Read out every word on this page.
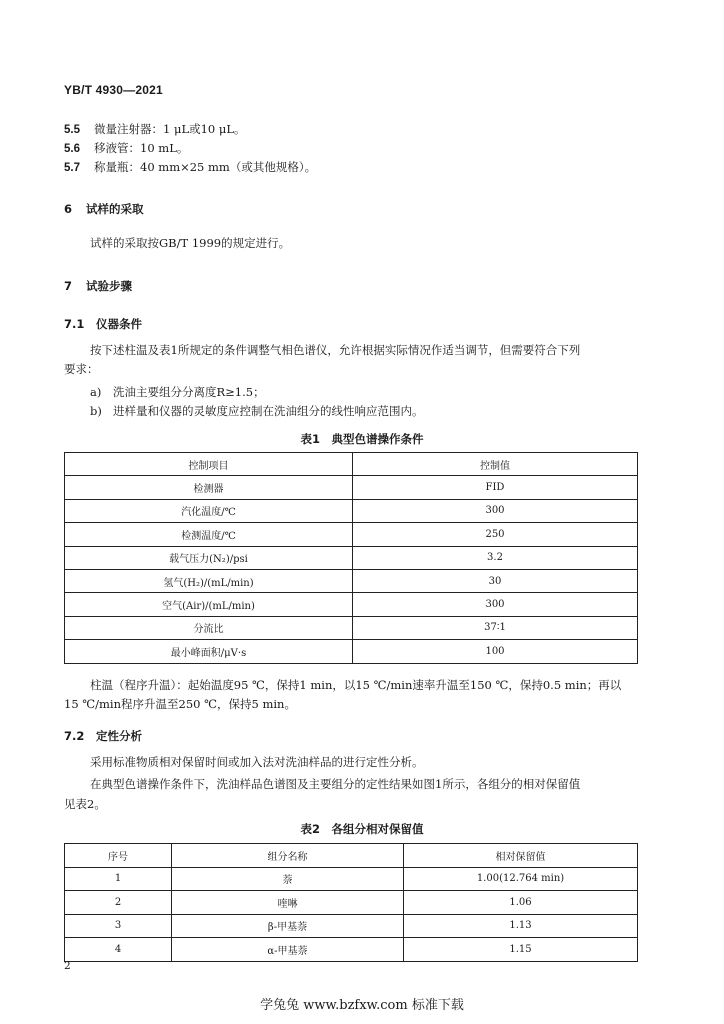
YB/T 4930—2021
5.5 微量注射器：1 μL或10 μL。
5.6 移液管：10 mL。
5.7 称量瓶：40 mm×25 mm（或其他规格）。
6 试样的采取
试样的采取按GB/T 1999的规定进行。
7 试验步骤
7.1 仪器条件
按下述柱温及表1所规定的条件调整气相色谱仪，允许根据实际情况作适当调节，但需要符合下列
要求：
a) 洗油主要组分分离度R≥1.5；
b) 进样量和仪器的灵敏度应控制在洗油组分的线性响应范围内。
表1　典型色谱操作条件
控制项目	控制值
检测器	FID
汽化温度/℃	300
检测温度/℃	250
载气压力(N₂)/psi	3.2
氢气(H₂)/(mL/min)	30
空气(Air)/(mL/min)	300
分流比	37∶1
最小峰面积/μV·s	100
柱温（程序升温）：起始温度95 ℃，保持1 min，以15 ℃/min速率升温至150 ℃，保持0.5 min；再以
15 ℃/min程序升温至250 ℃，保持5 min。
7.2 定性分析
采用标准物质相对保留时间或加入法对洗油样品的进行定性分析。
在典型色谱操作条件下，洗油样品色谱图及主要组分的定性结果如图1所示，各组分的相对保留值
见表2。
表2　各组分相对保留值
序号	组分名称	相对保留值
1	萘	1.00(12.764 min)
2	喹啉	1.06
3	β-甲基萘	1.13
4	α-甲基萘	1.15
2
学兔兔 www.bzfxw.com 标准下载
